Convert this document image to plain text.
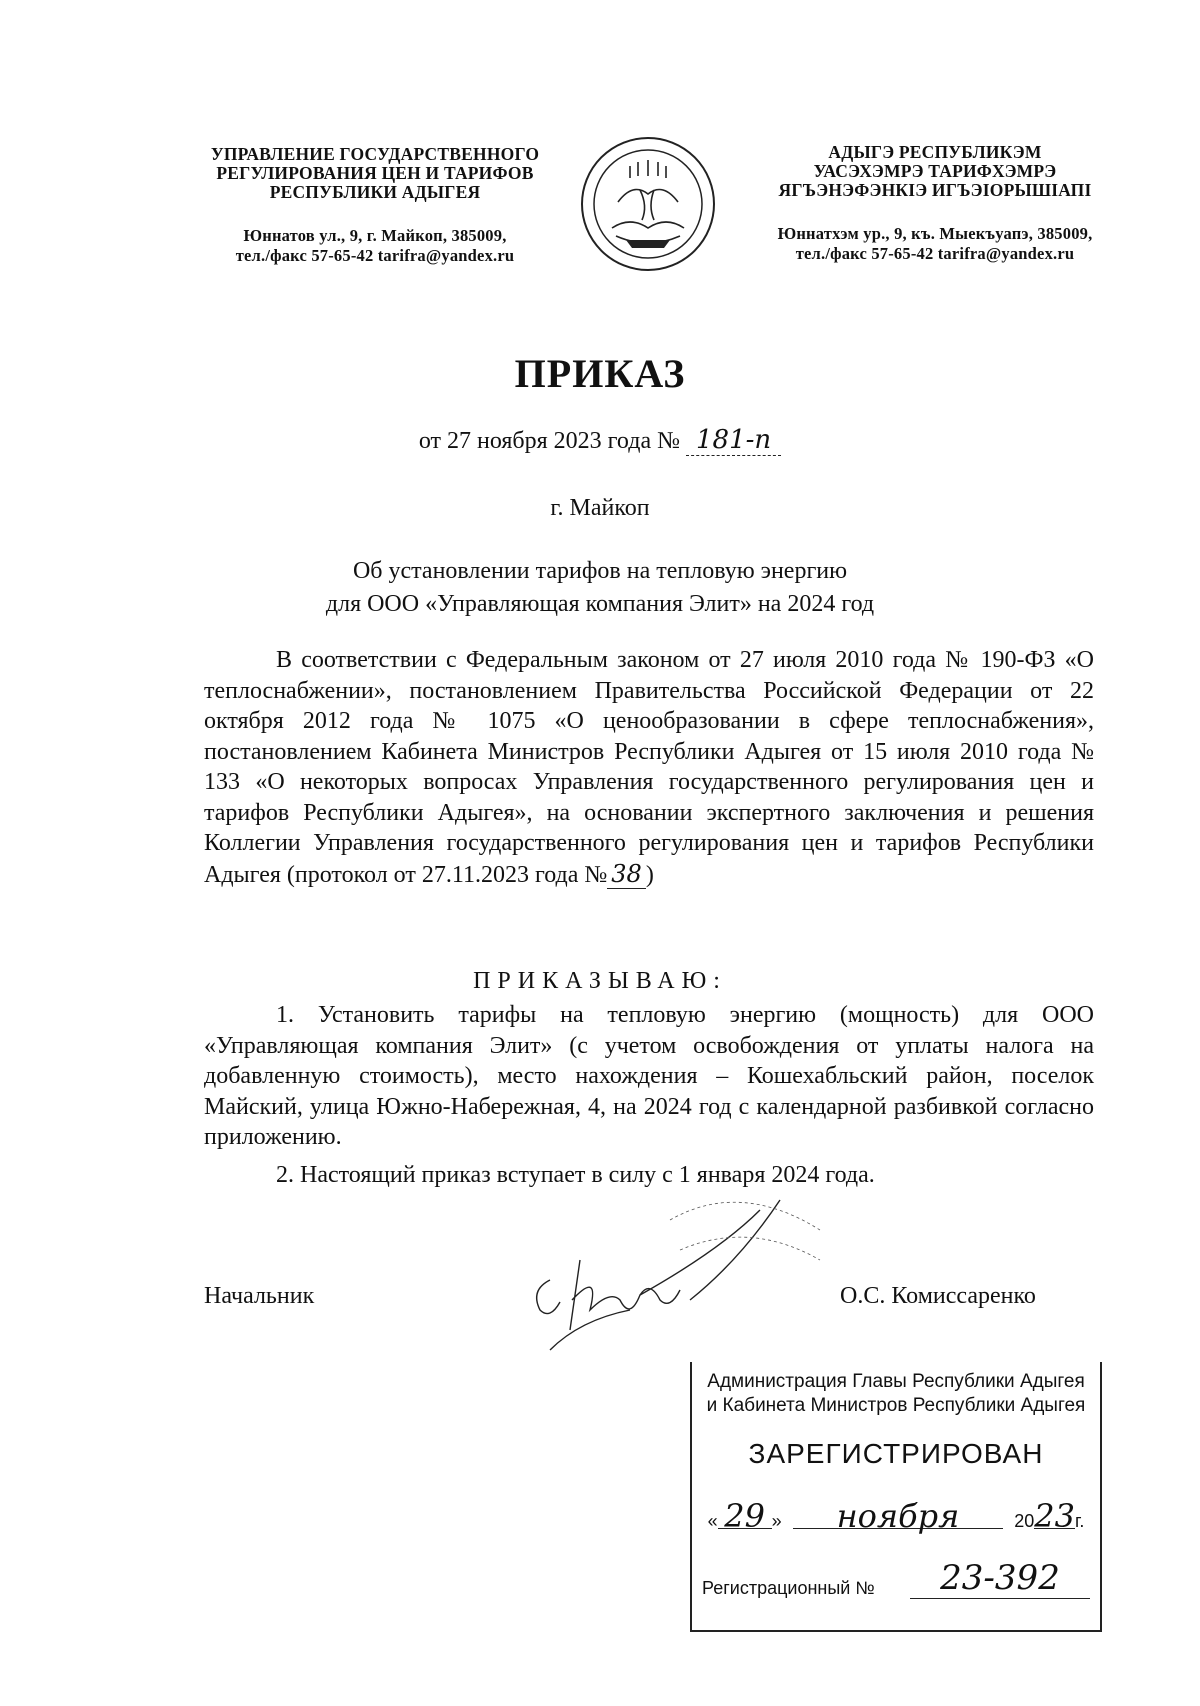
УПРАВЛЕНИЕ ГОСУДАРСТВЕННОГО
РЕГУЛИРОВАНИЯ ЦЕН И ТАРИФОВ
РЕСПУБЛИКИ АДЫГЕЯ
Юннатов ул., 9, г. Майкоп, 385009,
тел./факс 57-65-42 tarifra@yandex.ru
АДЫГЭ РЕСПУБЛИКЭМ
УАСЭХЭМРЭ ТАРИФХЭМРЭ
ЯГЪЭНЭФЭНКIЭ ИГЪЭIОРЫШIАПI
Юннатхэм ур., 9, къ. Мыекъуапэ, 385009,
тел./факс 57-65-42 tarifra@yandex.ru
ПРИКАЗ
от 27 ноября 2023 года № 181-п
г. Майкоп
Об установлении тарифов на тепловую энергию
для ООО «Управляющая компания Элит» на 2024 год
В соответствии с Федеральным законом от 27 июля 2010 года № 190-ФЗ «О теплоснабжении», постановлением Правительства Российской Федерации от 22 октября 2012 года № 1075 «О ценообразовании в сфере теплоснабжения», постановлением Кабинета Министров Республики Адыгея от 15 июля 2010 года № 133 «О некоторых вопросах Управления государственного регулирования цен и тарифов Республики Адыгея», на основании экспертного заключения и решения Коллегии Управления государственного регулирования цен и тарифов Республики Адыгея (протокол от 27.11.2023 года № 38 )
ПРИКАЗЫВАЮ:
1. Установить тарифы на тепловую энергию (мощность) для ООО «Управляющая компания Элит» (с учетом освобождения от уплаты налога на добавленную стоимость), место нахождения – Кошехабльский район, поселок Майский, улица Южно-Набережная, 4, на 2024 год с календарной разбивкой согласно приложению.
2. Настоящий приказ вступает в силу с 1 января 2024 года.
Начальник	О.С. Комиссаренко
Администрация Главы Республики Адыгея
и Кабинета Министров Республики Адыгея
ЗАРЕГИСТРИРОВАН
« 29 » ноября	2023г.
Регистрационный №	23-392
